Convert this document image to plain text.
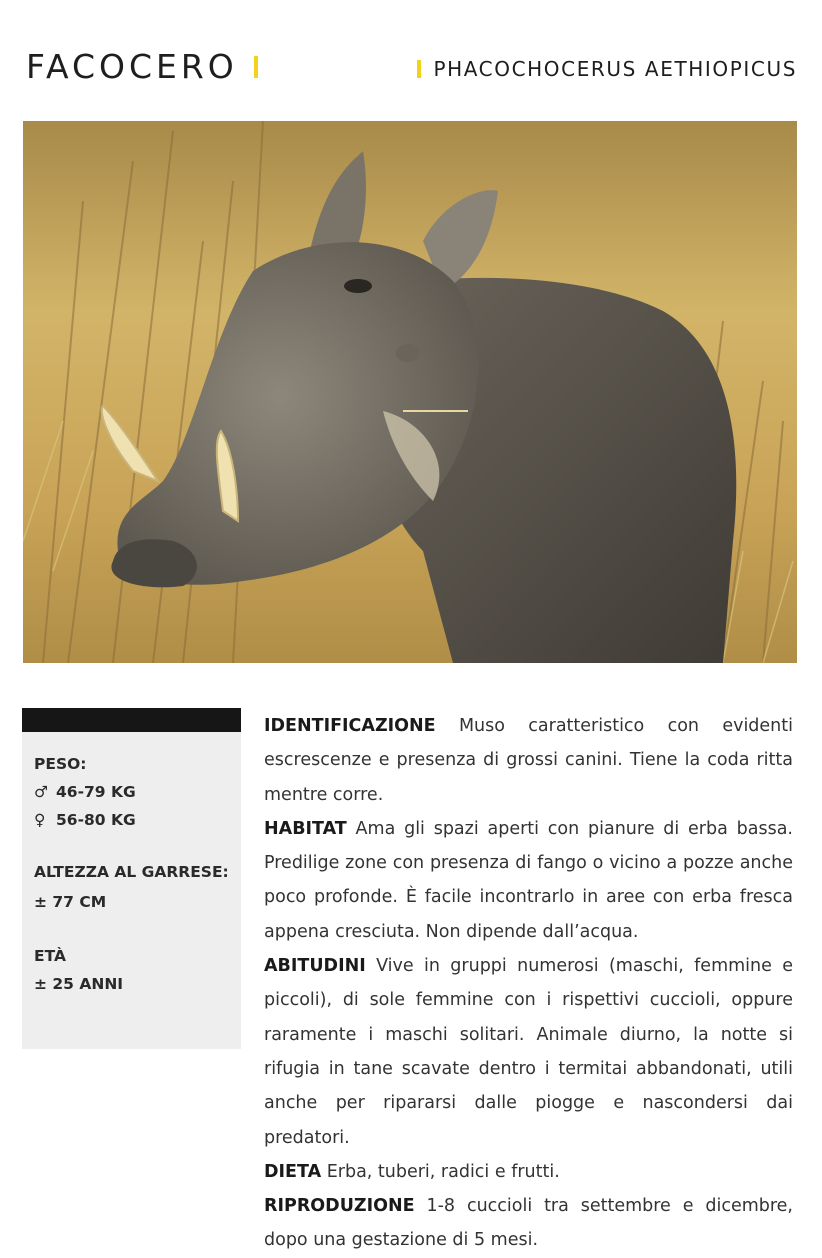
FACOCERO	PHACOCHOCERUS AETHIOPICUS
PESO:
♂ 46-79 KG
♀ 56-80 KG
ALTEZZA AL GARRESE:
± 77 CM
ETÀ
± 25 ANNI

IDENTIFICAZIONE Muso caratteristico con evidenti escrescenze e presenza di grossi canini. Tiene la coda ritta mentre corre.

HABITAT Ama gli spazi aperti con pianure di erba bassa. Predilige zone con presenza di fango o vicino a pozze anche poco profonde. È facile incontrarlo in aree con erba fresca appena cresciuta. Non dipende dall’acqua.

ABITUDINI Vive in gruppi numerosi (maschi, femmine e piccoli), di sole femmine con i rispettivi cuccioli, oppure raramente i maschi solitari. Animale diurno, la notte si rifugia in tane scavate dentro i termitai abbandonati, utili anche per ripararsi dalle piogge e nascondersi dai predatori.

DIETA Erba, tuberi, radici e frutti.

RIPRODUZIONE 1-8 cuccioli tra settembre e dicembre, dopo una gestazione di 5 mesi.
